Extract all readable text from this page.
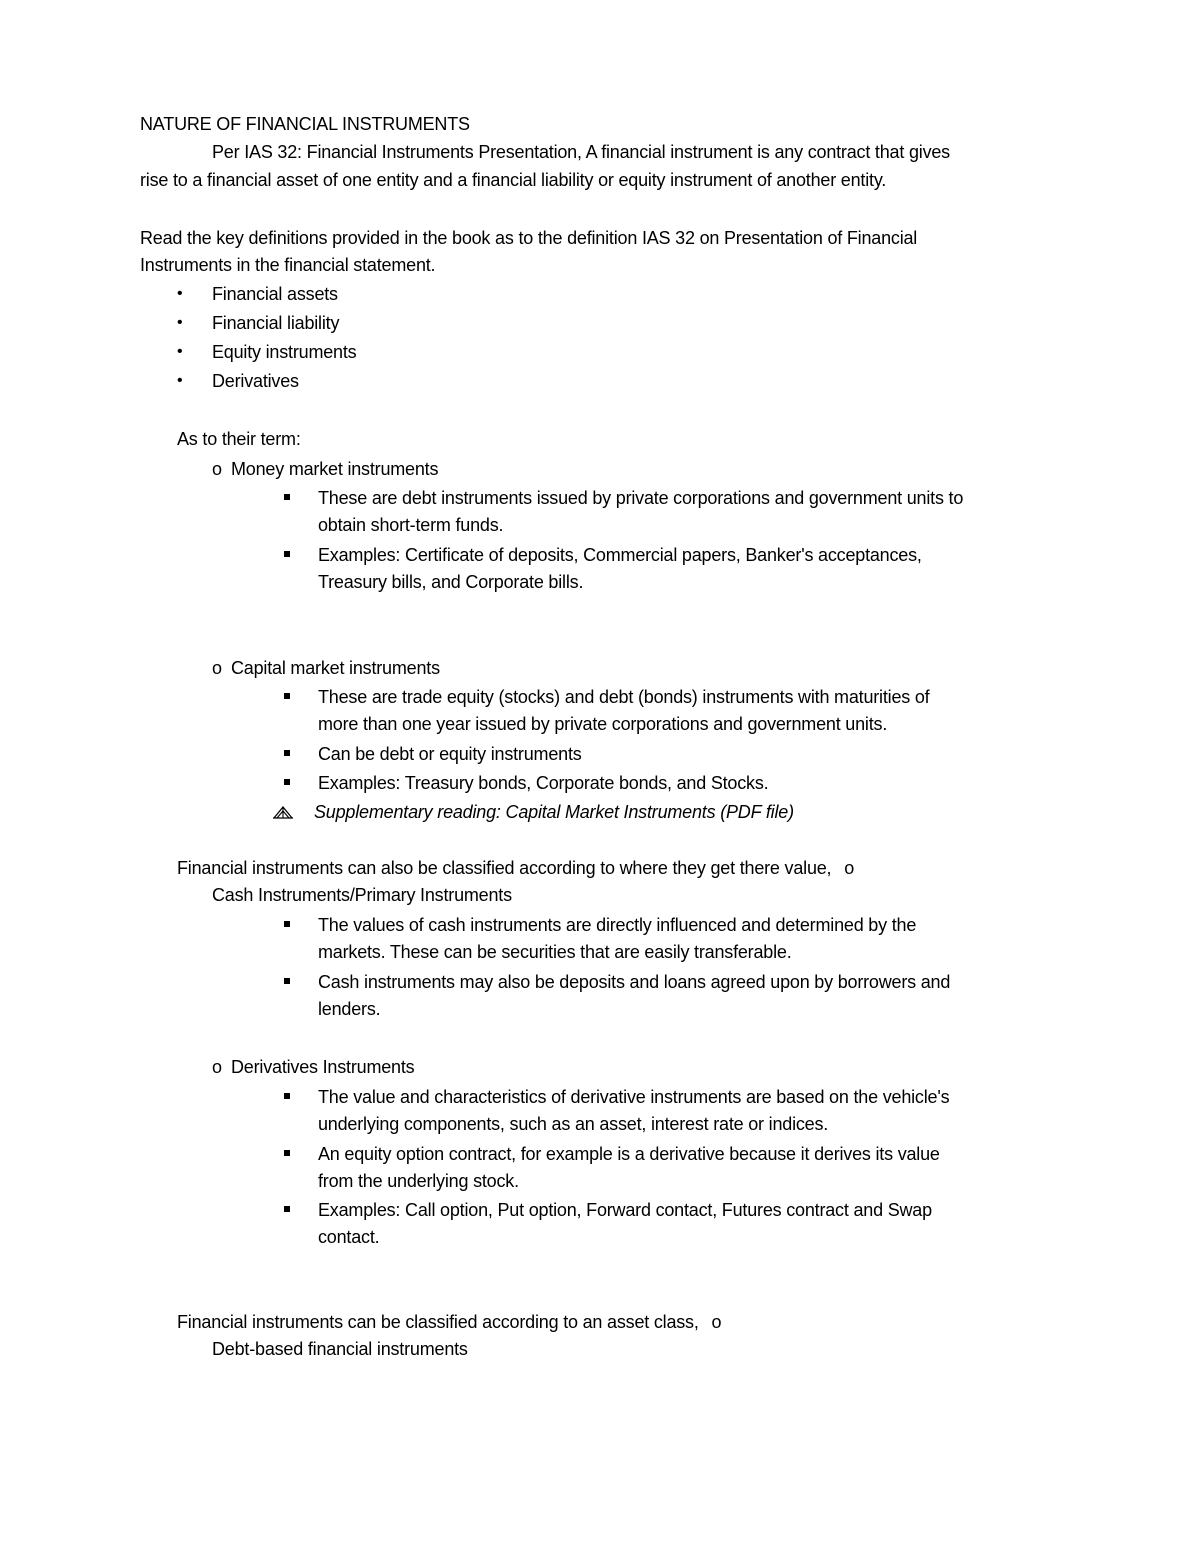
NATURE OF FINANCIAL INSTRUMENTS
Per IAS 32: Financial Instruments Presentation, A financial instrument is any contract that gives
rise to a financial asset of one entity and a financial liability or equity instrument of another entity.
Read the key definitions provided in the book as to the definition IAS 32 on Presentation of Financial
Instruments in the financial statement.
• Financial assets
• Financial liability
• Equity instruments
• Derivatives
As to their term:
o Money market instruments
These are debt instruments issued by private corporations and government units to
obtain short-term funds.
Examples: Certificate of deposits, Commercial papers, Banker's acceptances,
Treasury bills, and Corporate bills.
o Capital market instruments
These are trade equity (stocks) and debt (bonds) instruments with maturities of
more than one year issued by private corporations and government units.
Can be debt or equity instruments
Examples: Treasury bonds, Corporate bonds, and Stocks.
Supplementary reading: Capital Market Instruments (PDF file)
Financial instruments can also be classified according to where they get there value, o
Cash Instruments/Primary Instruments
The values of cash instruments are directly influenced and determined by the
markets. These can be securities that are easily transferable.
Cash instruments may also be deposits and loans agreed upon by borrowers and
lenders.
o Derivatives Instruments
The value and characteristics of derivative instruments are based on the vehicle's
underlying components, such as an asset, interest rate or indices.
An equity option contract, for example is a derivative because it derives its value
from the underlying stock.
Examples: Call option, Put option, Forward contact, Futures contract and Swap
contact.
Financial instruments can be classified according to an asset class, o
Debt-based financial instruments
